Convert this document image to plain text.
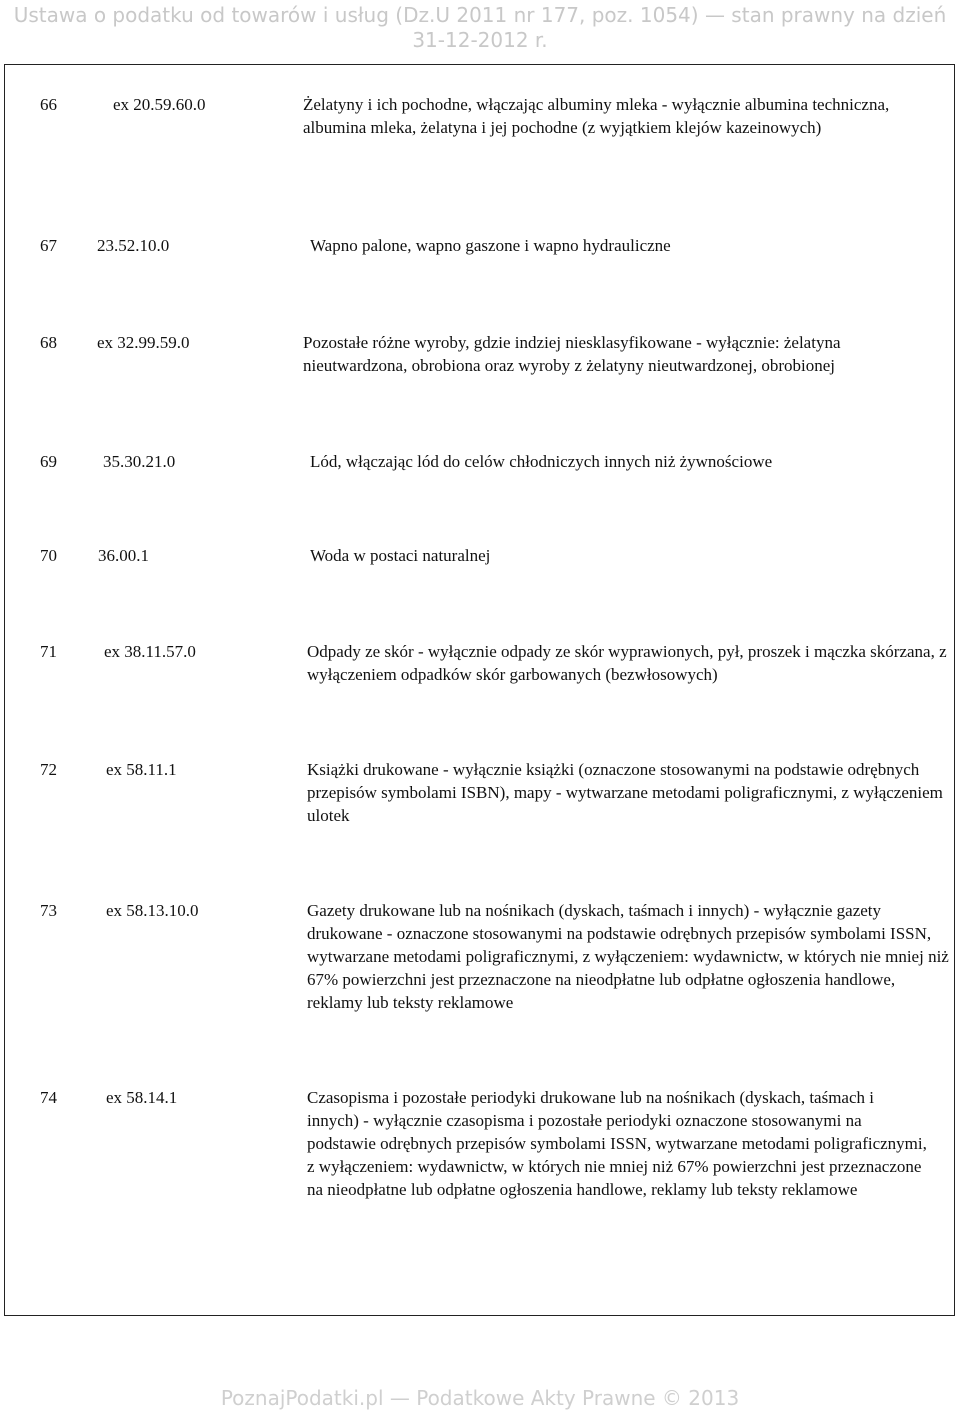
Ustawa o podatku od towarów i usług (Dz.U 2011 nr 177, poz. 1054) — stan prawny na dzień
31-12-2012 r.
66	ex 20.59.60.0	Żelatyny i ich pochodne, włączając albuminy mleka - wyłącznie albumina techniczna, albumina mleka, żelatyna i jej pochodne (z wyjątkiem klejów kazeinowych)
67 23.52.10.0	Wapno palone, wapno gaszone i wapno hydrauliczne
68 ex 32.99.59.0	Pozostałe różne wyroby, gdzie indziej niesklasyfikowane - wyłącznie: żelatyna nieutwardzona, obrobiona oraz wyroby z żelatyny nieutwardzonej, obrobionej
69	35.30.21.0	Lód, włączając lód do celów chłodniczych innych niż żywnościowe
70 36.00.1	Woda w postaci naturalnej
71	ex 38.11.57.0	Odpady ze skór - wyłącznie odpady ze skór wyprawionych, pył, proszek i mączka skórzana, z wyłączeniem odpadków skór garbowanych (bezwłosowych)
72	ex 58.11.1	Książki drukowane - wyłącznie książki (oznaczone stosowanymi na podstawie odrębnych przepisów symbolami ISBN), mapy - wytwarzane metodami poligraficznymi, z wyłączeniem ulotek
73	ex 58.13.10.0	Gazety drukowane lub na nośnikach (dyskach, taśmach i innych) - wyłącznie gazety drukowane - oznaczone stosowanymi na podstawie odrębnych przepisów symbolami ISSN, wytwarzane metodami poligraficznymi, z wyłączeniem: wydawnictw, w których nie mniej niż 67% powierzchni jest przeznaczone na nieodpłatne lub odpłatne ogłoszenia handlowe, reklamy lub teksty reklamowe
74	ex 58.14.1	Czasopisma i pozostałe periodyki drukowane lub na nośnikach (dyskach, taśmach i innych) - wyłącznie czasopisma i pozostałe periodyki oznaczone stosowanymi na podstawie odrębnych przepisów symbolami ISSN, wytwarzane metodami poligraficznymi, z wyłączeniem: wydawnictw, w których nie mniej niż 67% powierzchni jest przeznaczone na nieodpłatne lub odpłatne ogłoszenia handlowe, reklamy lub teksty reklamowe
PoznajPodatki.pl — Podatkowe Akty Prawne © 2013
